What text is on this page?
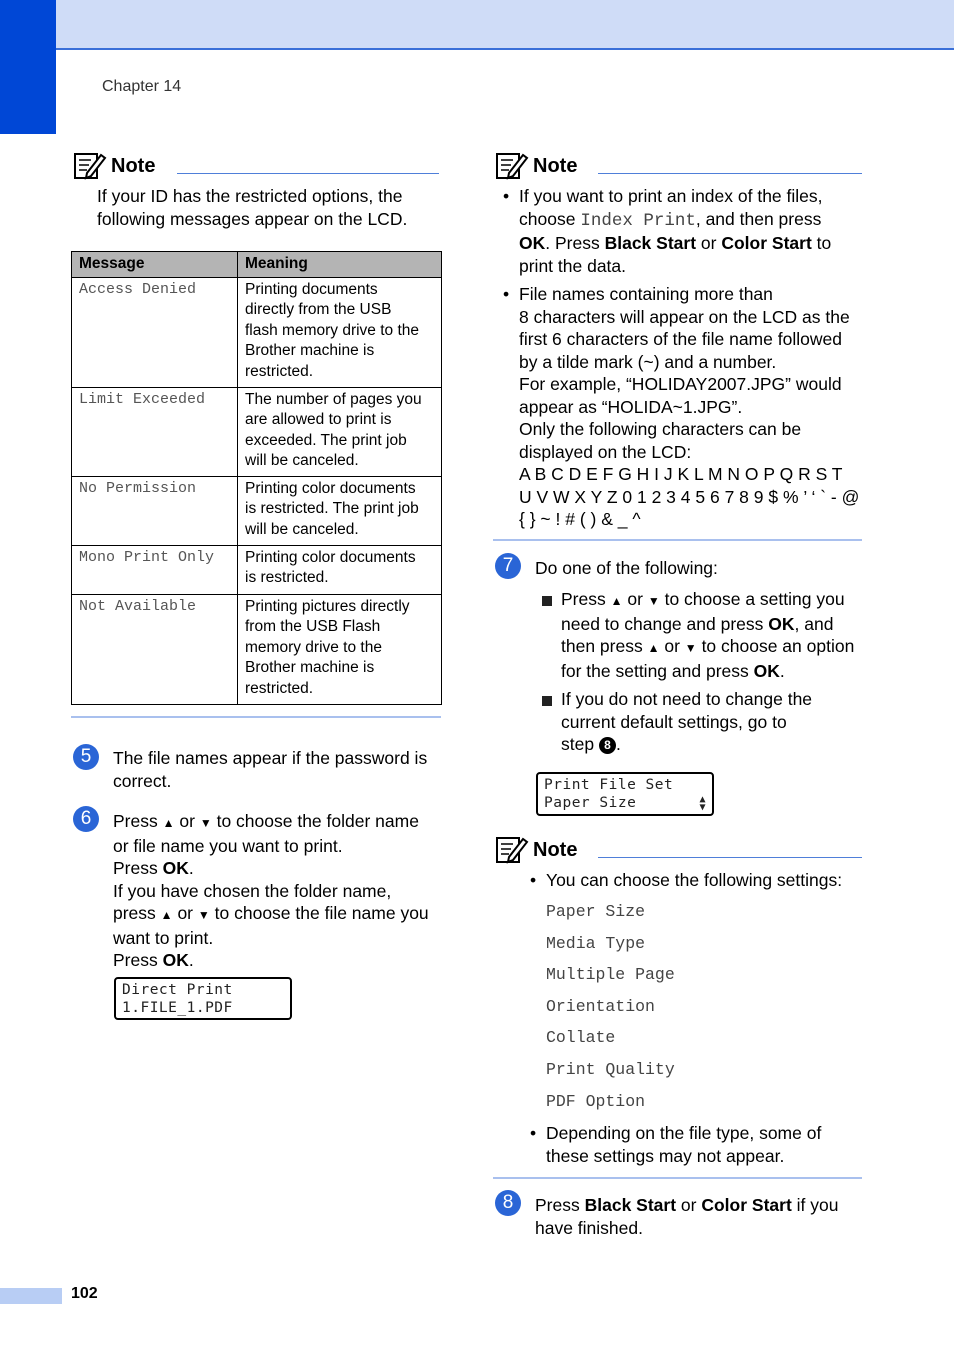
Chapter 14
102
Note
If your ID has the restricted options, the
following messages appear on the LCD.
Message	Meaning
Access Denied	Printing documents
directly from the USB
flash memory drive to the
Brother machine is
restricted.

Limit Exceeded	The number of pages you
are allowed to print is
exceeded. The print job
will be canceled.

No Permission	Printing color documents
is restricted. The print job
will be canceled.

Mono Print Only	Printing color documents
is restricted.

Not Available	Printing pictures directly
from the USB Flash
memory drive to the
Brother machine is
restricted.
5	The file names appear if the password is
correct.
6	Press ▲ or ▼ to choose the folder name
or file name you want to print.
Press OK.
If you have chosen the folder name,
press ▲ or ▼ to choose the file name you
want to print.
Press OK.
Direct Print
1.FILE_1.PDF
Note
• If you want to print an index of the files,
choose Index Print, and then press
OK. Press Black Start or Color Start to
print the data.
• File names containing more than
8 characters will appear on the LCD as the
first 6 characters of the file name followed
by a tilde mark (~) and a number.
For example, “HOLIDAY2007.JPG” would
appear as “HOLIDA~1.JPG”.
Only the following characters can be
displayed on the LCD:
A B C D E F G H I J K L M N O P Q R S T
U V W X Y Z 0 1 2 3 4 5 6 7 8 9 $ % ’ ‘ ` - @
{ } ~ ! # ( ) & _ ^
7	Do one of the following:
Press ▲ or ▼ to choose a setting you
need to change and press OK, and
then press ▲ or ▼ to choose an option
for the setting and press OK.
If you do not need to change the
current default settings, go to
step 8 .
Print File Set
Paper Size	▲
▼
Note
• You can choose the following settings:
Paper Size
Media Type
Multiple Page
Orientation
Collate
Print Quality
PDF Option
• Depending on the file type, some of
these settings may not appear.
8	Press Black Start or Color Start if you
have finished.
